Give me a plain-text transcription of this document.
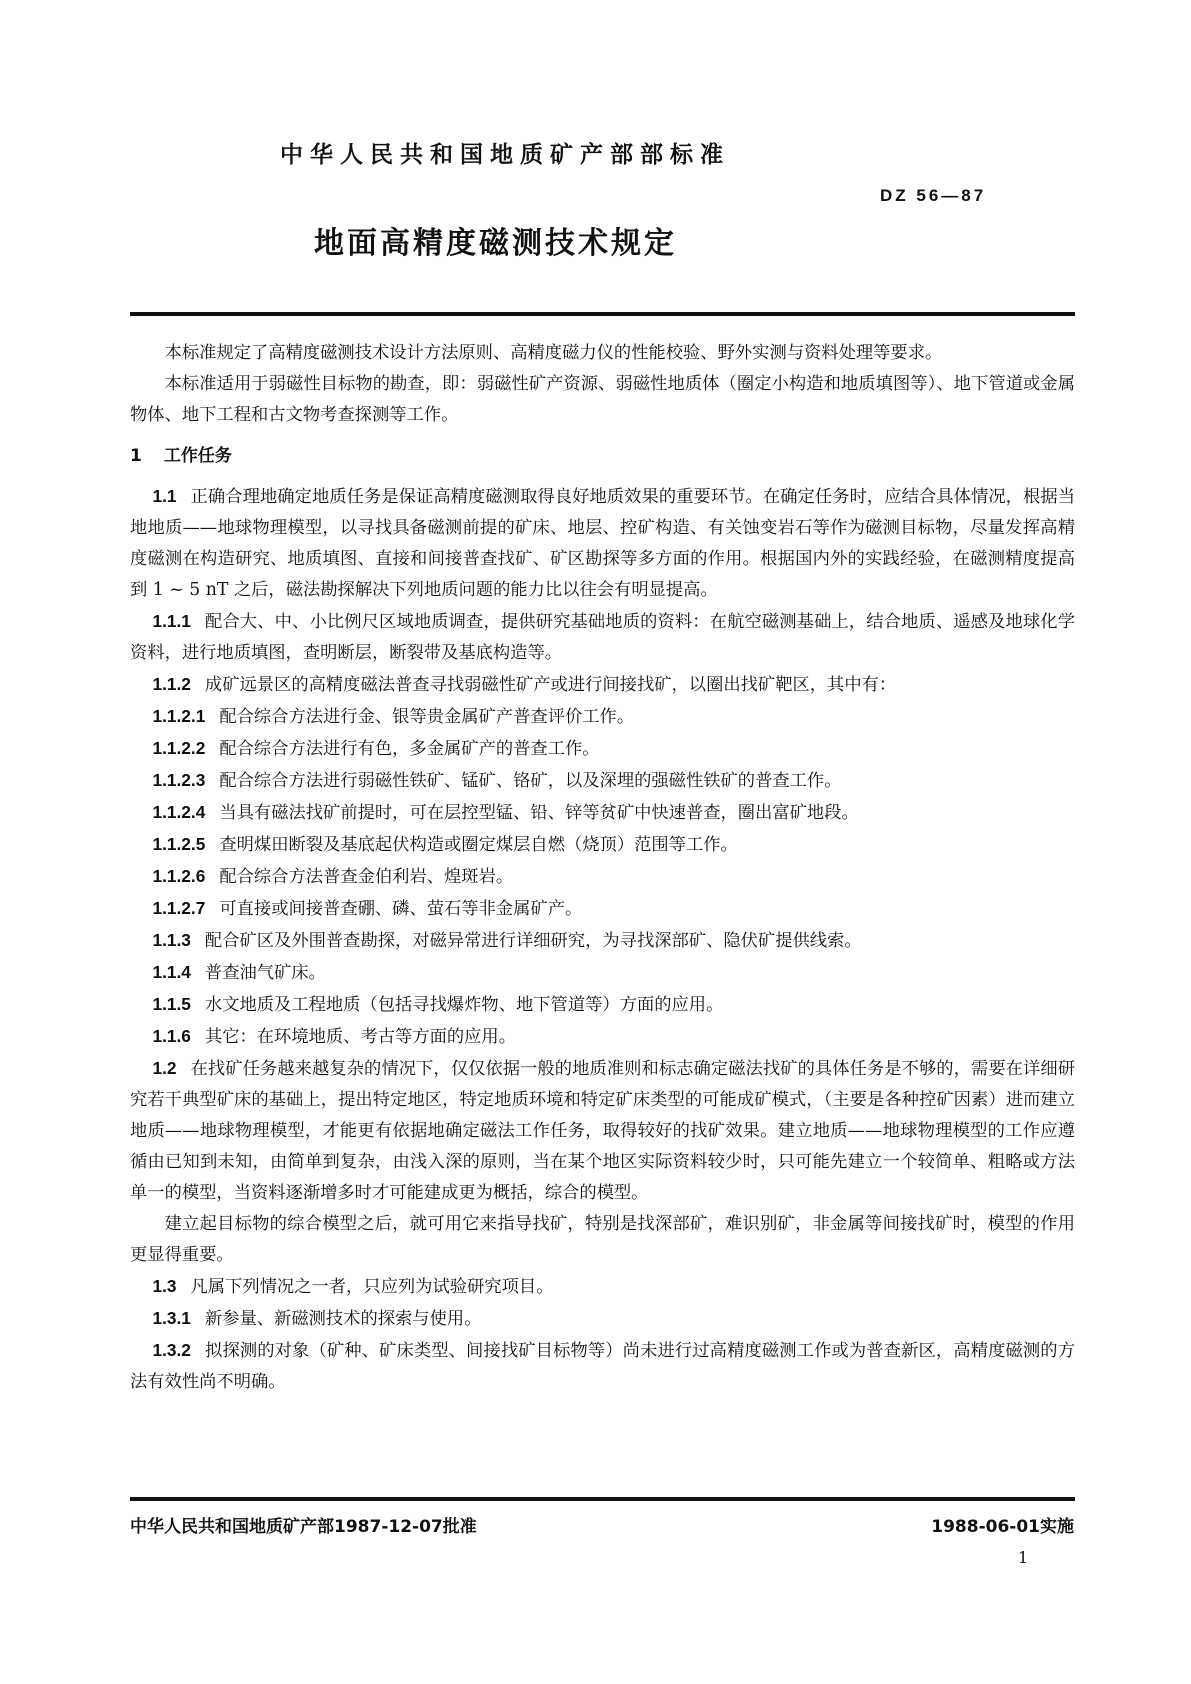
中华人民共和国地质矿产部部标准
DZ 56—87
地面高精度磁测技术规定

本标准规定了高精度磁测技术设计方法原则、高精度磁力仪的性能校验、野外实测与资料处理等要求。

本标准适用于弱磁性目标物的勘查，即：弱磁性矿产资源、弱磁性地质体（圈定小构造和地质填图等）、地下管道或金属物体、地下工程和古文物考查探测等工作。

1 工作任务

1.1 正确合理地确定地质任务是保证高精度磁测取得良好地质效果的重要环节。在确定任务时，应结合具体情况，根据当地地质——地球物理模型，以寻找具备磁测前提的矿床、地层、控矿构造、有关蚀变岩石等作为磁测目标物，尽量发挥高精度磁测在构造研究、地质填图、直接和间接普查找矿、矿区勘探等多方面的作用。根据国内外的实践经验，在磁测精度提高到 1 ~ 5 nT 之后，磁法勘探解决下列地质问题的能力比以往会有明显提高。

1.1.1 配合大、中、小比例尺区域地质调查，提供研究基础地质的资料：在航空磁测基础上，结合地质、遥感及地球化学资料，进行地质填图，查明断层，断裂带及基底构造等。

1.1.2 成矿远景区的高精度磁法普查寻找弱磁性矿产或进行间接找矿，以圈出找矿靶区，其中有：

1.1.2.1 配合综合方法进行金、银等贵金属矿产普查评价工作。

1.1.2.2 配合综合方法进行有色，多金属矿产的普查工作。

1.1.2.3 配合综合方法进行弱磁性铁矿、锰矿、铬矿，以及深埋的强磁性铁矿的普查工作。

1.1.2.4 当具有磁法找矿前提时，可在层控型锰、铅、锌等贫矿中快速普查，圈出富矿地段。

1.1.2.5 查明煤田断裂及基底起伏构造或圈定煤层自燃（烧顶）范围等工作。

1.1.2.6 配合综合方法普查金伯利岩、煌斑岩。

1.1.2.7 可直接或间接普查硼、磷、萤石等非金属矿产。

1.1.3 配合矿区及外围普查勘探，对磁异常进行详细研究，为寻找深部矿、隐伏矿提供线索。

1.1.4 普查油气矿床。

1.1.5 水文地质及工程地质（包括寻找爆炸物、地下管道等）方面的应用。

1.1.6 其它：在环境地质、考古等方面的应用。

1.2 在找矿任务越来越复杂的情况下，仅仅依据一般的地质准则和标志确定磁法找矿的具体任务是不够的，需要在详细研究若干典型矿床的基础上，提出特定地区，特定地质环境和特定矿床类型的可能成矿模式，（主要是各种控矿因素）进而建立地质——地球物理模型，才能更有依据地确定磁法工作任务，取得较好的找矿效果。建立地质——地球物理模型的工作应遵循由已知到未知，由简单到复杂，由浅入深的原则，当在某个地区实际资料较少时，只可能先建立一个较简单、粗略或方法单一的模型，当资料逐渐增多时才可能建成更为概括，综合的模型。

建立起目标物的综合模型之后，就可用它来指导找矿，特别是找深部矿，难识别矿，非金属等间接找矿时，模型的作用更显得重要。

1.3 凡属下列情况之一者，只应列为试验研究项目。

1.3.1 新参量、新磁测技术的探索与使用。

1.3.2 拟探测的对象（矿种、矿床类型、间接找矿目标物等）尚未进行过高精度磁测工作或为普查新区，高精度磁测的方法有效性尚不明确。

中华人民共和国地质矿产部1987-12-07批准	1988-06-01实施
1
